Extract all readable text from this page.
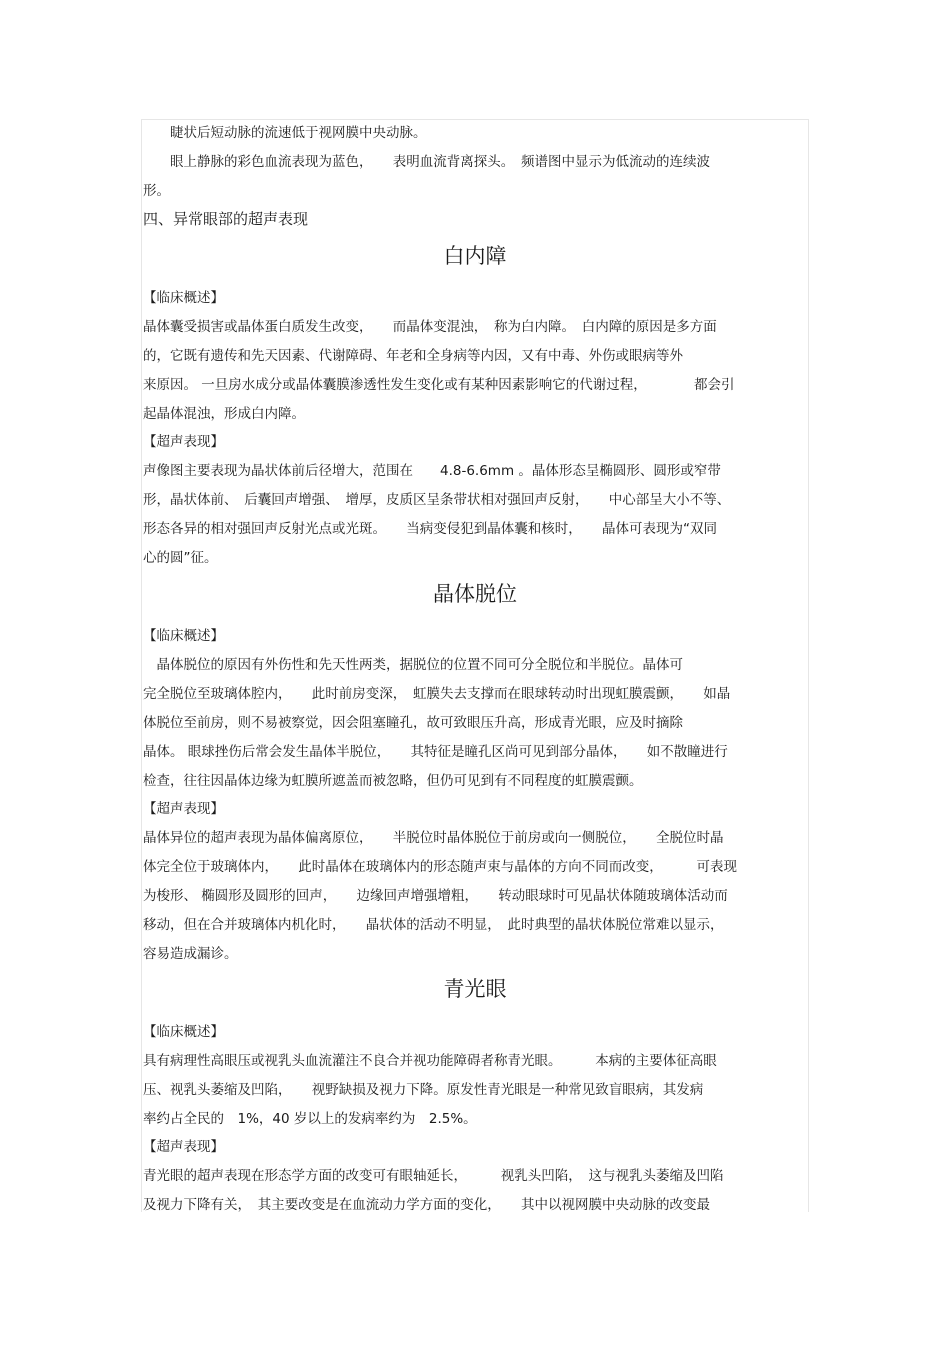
　　睫状后短动脉的流速低于视网膜中央动脉。
　　眼上静脉的彩色血流表现为蓝色，　　表明血流背离探头。　频谱图中显示为低流动的连续波
形。
四、异常眼部的超声表现
白内障
【临床概述】
晶体囊受损害或晶体蛋白质发生改变，　　而晶体变混浊，　称为白内障。　白内障的原因是多方面
的，它既有遗传和先天因素、代谢障碍、年老和全身病等内因，又有中毒、外伤或眼病等外
来原因。 一旦房水成分或晶体囊膜渗透性发生变化或有某种因素影响它的代谢过程，　　　　都会引
起晶体混浊，形成白内障。
【超声表现】
声像图主要表现为晶状体前后径增大，范围在　　4.8-6.6mm 。晶体形态呈椭圆形、圆形或窄带
形，晶状体前、　后囊回声增强、　增厚，皮质区呈条带状相对强回声反射，　　中心部呈大小不等、
形态各异的相对强回声反射光点或光斑。　　当病变侵犯到晶体囊和核时，　　晶体可表现为“双同
心的圆”征。
晶体脱位
【临床概述】
　晶体脱位的原因有外伤性和先天性两类，据脱位的位置不同可分全脱位和半脱位。晶体可
完全脱位至玻璃体腔内，　　此时前房变深，　虹膜失去支撑而在眼球转动时出现虹膜震颤，　　如晶
体脱位至前房，则不易被察觉，因会阻塞瞳孔，故可致眼压升高，形成青光眼，应及时摘除
晶体。 眼球挫伤后常会发生晶体半脱位，　　其特征是瞳孔区尚可见到部分晶体，　　如不散瞳进行
检查，往往因晶体边缘为虹膜所遮盖而被忽略，但仍可见到有不同程度的虹膜震颤。
【超声表现】
晶体异位的超声表现为晶体偏离原位，　　半脱位时晶体脱位于前房或向一侧脱位，　　全脱位时晶
体完全位于玻璃体内，　　此时晶体在玻璃体内的形态随声束与晶体的方向不同而改变，　　　可表现
为梭形、 椭圆形及圆形的回声，　　边缘回声增强增粗，　　转动眼球时可见晶状体随玻璃体活动而
移动，但在合并玻璃体内机化时，　　晶状体的活动不明显，　此时典型的晶状体脱位常难以显示，
容易造成漏诊。
青光眼
【临床概述】
具有病理性高眼压或视乳头血流灌注不良合并视功能障碍者称青光眼。　　　本病的主要体征高眼
压、视乳头萎缩及凹陷，　　视野缺损及视力下降。原发性青光眼是一种常见致盲眼病，其发病
率约占全民的　1%，40 岁以上的发病率约为　2.5%。
【超声表现】
青光眼的超声表现在形态学方面的改变可有眼轴延长，　　　视乳头凹陷，　这与视乳头萎缩及凹陷
及视力下降有关，　其主要改变是在血流动力学方面的变化，　　其中以视网膜中央动脉的改变最
